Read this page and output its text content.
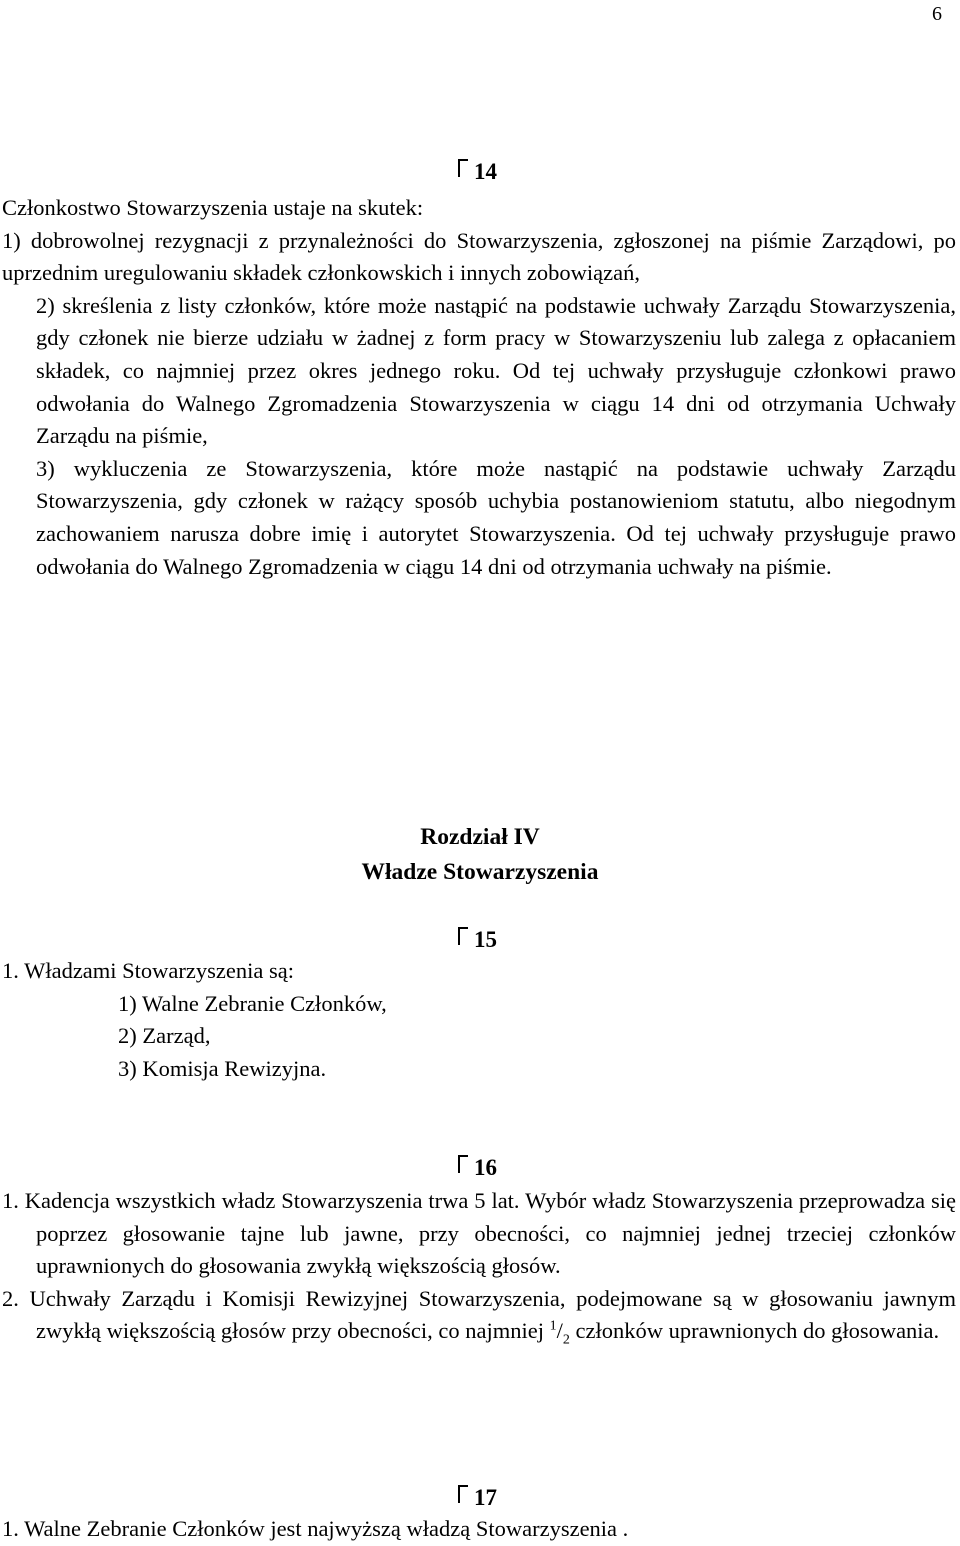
6
14

Członkostwo Stowarzyszenia ustaje na skutek:

1) dobrowolnej rezygnacji z przynależności do Stowarzyszenia, zgłoszonej na piśmie Zarządowi, po uprzednim uregulowaniu składek członkowskich i innych zobowiązań,

2) skreślenia z listy członków, które może nastąpić na podstawie uchwały Zarządu Stowarzyszenia, gdy członek nie bierze udziału w żadnej z form pracy w Stowarzyszeniu lub zalega z opłacaniem składek, co najmniej przez okres jednego roku. Od tej uchwały przysługuje członkowi prawo odwołania do Walnego Zgromadzenia Stowarzyszenia w ciągu 14 dni od otrzymania Uchwały Zarządu na piśmie,

3) wykluczenia ze Stowarzyszenia, które może nastąpić na podstawie uchwały Zarządu Stowarzyszenia, gdy członek w rażący sposób uchybia postanowieniom statutu, albo niegodnym zachowaniem narusza dobre imię i autorytet Stowarzyszenia. Od tej uchwały przysługuje prawo odwołania do Walnego Zgromadzenia w ciągu 14 dni od otrzymania uchwały na piśmie.

Rozdział IV
Władze Stowarzyszenia
15

1. Władzami Stowarzyszenia są:

1) Walne Zebranie Członków,

2) Zarząd,

3) Komisja Rewizyjna.

16

1. Kadencja wszystkich władz Stowarzyszenia trwa 5 lat. Wybór władz Stowarzyszenia przeprowadza się poprzez głosowanie tajne lub jawne, przy obecności, co najmniej jednej trzeciej członków uprawnionych do głosowania zwykłą większością głosów.

2. Uchwały Zarządu i Komisji Rewizyjnej Stowarzyszenia, podejmowane są w głosowaniu jawnym zwykłą większością głosów przy obecności, co najmniej $^1/_2$ członków uprawnionych do głosowania.

17

1. Walne Zebranie Członków jest najwyższą władzą Stowarzyszenia .
